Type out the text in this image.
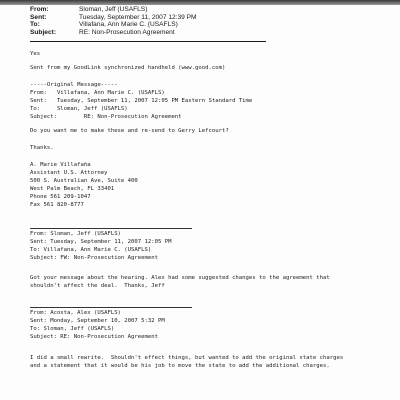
From:	Sloman, Jeff (USAFLS)
Sent:	Tuesday, September 11, 2007 12:39 PM
To:	Villafana, Ann Marie C. (USAFLS)
Subject:	RE: Non-Prosecution Agreement
Yes
Sent from my GoodLink synchronized handheld (www.good.com)
-----Original Message-----
From:   Villafana, Ann Marie C. (USAFLS)
Sent:   Tuesday, September 11, 2007 12:05 PM Eastern Standard Time
To:     Sloman, Jeff (USAFLS)
Subject:        RE: Non-Prosecution Agreement
Do you want me to make these and re-send to Gerry Lefcourt?
Thanks.
A. Marie Villafaña
Assistant U.S. Attorney
500 S. Australian Ave, Suite 400
West Palm Beach, FL 33401
Phone 561 209-1047
Fax 561 820-8777
From: Sloman, Jeff (USAFLS)
Sent: Tuesday, September 11, 2007 12:05 PM
To: Villafana, Ann Marie C. (USAFLS)
Subject: FW: Non-Prosecution Agreement
Got your message about the hearing. Alex had some suggested changes to the agreement that
shouldn't affect the deal.  Thanks, Jeff
From: Acosta, Alex (USAFLS)
Sent: Monday, September 10, 2007 5:32 PM
To: Sloman, Jeff (USAFLS)
Subject: RE: Non-Prosecution Agreement
I did a small rewrite.  Shouldn't effect things, but wanted to add the original state charges
and a statement that it would be his job to move the state to add the additional charges.
